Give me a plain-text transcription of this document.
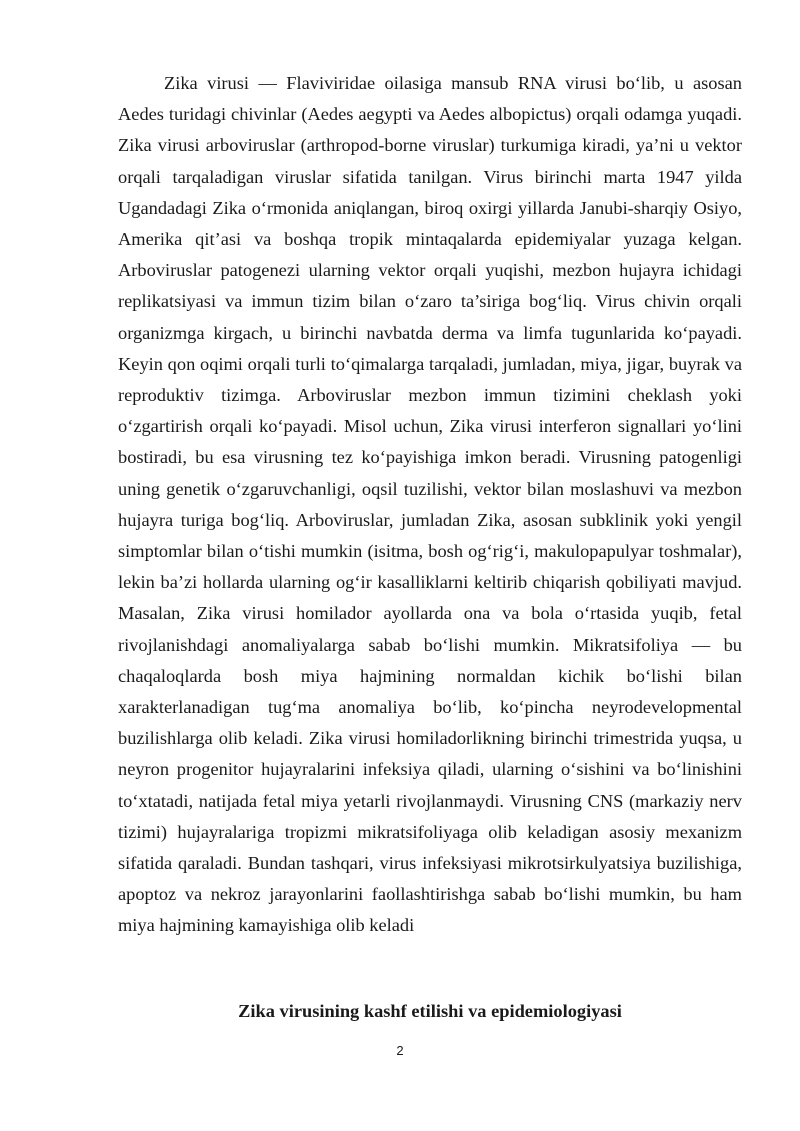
Zika virusi — Flaviviridae oilasiga mansub RNA virusi bo‘lib, u asosan Aedes turidagi chivinlar (Aedes aegypti va Aedes albopictus) orqali odamga yuqadi. Zika virusi arboviruslar (arthropod-borne viruslar) turkumiga kiradi, ya’ni u vektor orqali tarqaladigan viruslar sifatida tanilgan. Virus birinchi marta 1947 yilda Ugandadagi Zika o‘rmonida aniqlangan, biroq oxirgi yillarda Janubi-sharqiy Osiyo, Amerika qit’asi va boshqa tropik mintaqalarda epidemiyalar yuzaga kelgan. Arboviruslar patogenezi ularning vektor orqali yuqishi, mezbon hujayra ichidagi replikatsiyasi va immun tizim bilan o‘zaro ta’siriga bog‘liq. Virus chivin orqali organizmga kirgach, u birinchi navbatda derma va limfa tugunlarida ko‘payadi. Keyin qon oqimi orqali turli to‘qimalarga tarqaladi, jumladan, miya, jigar, buyrak va reproduktiv tizimga. Arboviruslar mezbon immun tizimini cheklash yoki o‘zgartirish orqali ko‘payadi. Misol uchun, Zika virusi interferon signallari yo‘lini bostiradi, bu esa virusning tez ko‘payishiga imkon beradi. Virusning patogenligi uning genetik o‘zgaruvchanligi, oqsil tuzilishi, vektor bilan moslashuvi va mezbon hujayra turiga bog‘liq. Arboviruslar, jumladan Zika, asosan subklinik yoki yengil simptomlar bilan o‘tishi mumkin (isitma, bosh og‘rig‘i, makulopapulyar toshmalar), lekin ba’zi hollarda ularning og‘ir kasalliklarni keltirib chiqarish qobiliyati mavjud. Masalan, Zika virusi homilador ayollarda ona va bola o‘rtasida yuqib, fetal rivojlanishdagi anomaliyalarga sabab bo‘lishi mumkin. Mikratsifoliya — bu chaqaloqlarda bosh miya hajmining normaldan kichik bo‘lishi bilan xarakterlanadigan tug‘ma anomaliya bo‘lib, ko‘pincha neyrodevelopmental buzilishlarga olib keladi. Zika virusi homiladorlikning birinchi trimestrida yuqsa, u neyron progenitor hujayralarini infeksiya qiladi, ularning o‘sishini va bo‘linishini to‘xtatadi, natijada fetal miya yetarli rivojlanmaydi. Virusning CNS (markaziy nerv tizimi) hujayralariga tropizmi mikratsifoliyaga olib keladigan asosiy mexanizm sifatida qaraladi. Bundan tashqari, virus infeksiyasi mikrotsirkulyatsiya buzilishiga, apoptoz va nekroz jarayonlarini faollashtirishga sabab bo‘lishi mumkin, bu ham miya hajmining kamayishiga olib keladi

Zika virusining kashf etilishi va epidemiologiyasi

2
